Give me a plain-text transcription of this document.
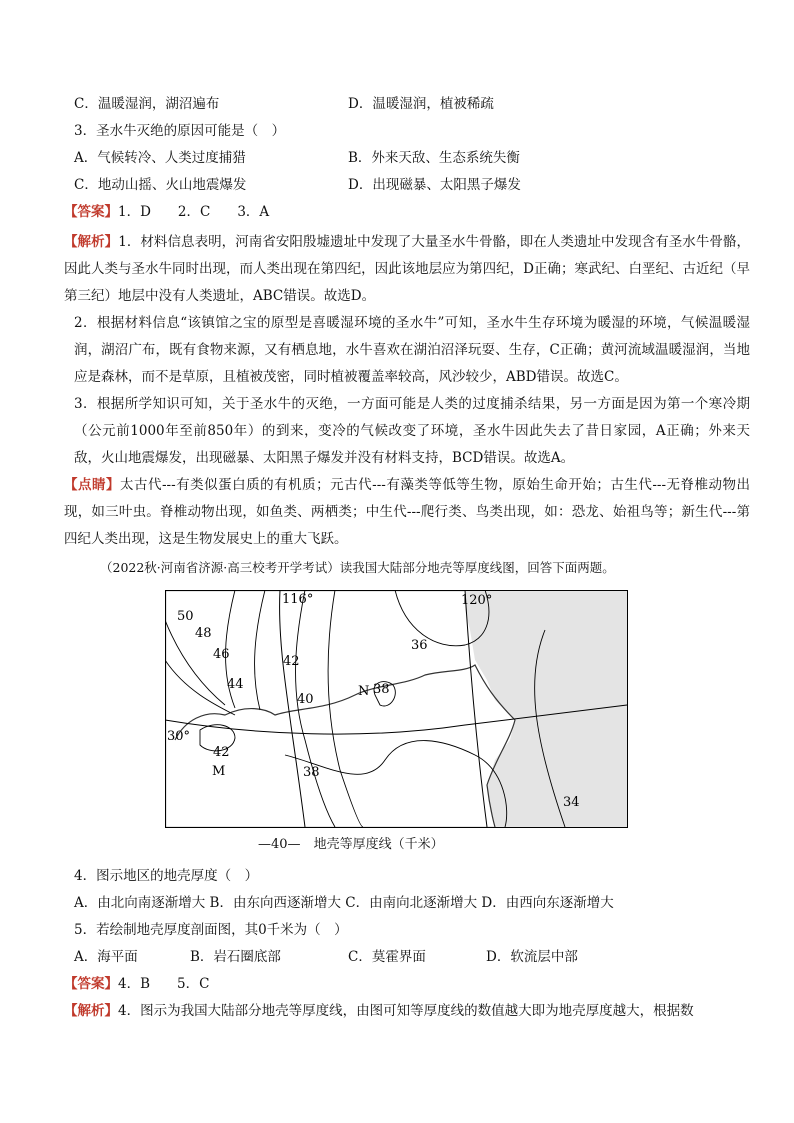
C．温暖湿润，湖沼遍布	D．温暖湿润，植被稀疏
3．圣水牛灭绝的原因可能是（　）
A．气候转冷、人类过度捕猎	B．外来天敌、生态系统失衡
C．地动山摇、火山地震爆发	D．出现磁暴、太阳黑子爆发
【答案】1．D　　2．C　　3．A
【解析】1．材料信息表明，河南省安阳殷墟遗址中发现了大量圣水牛骨骼，即在人类遗址中发现含有圣水牛骨骼，因此人类与圣水牛同时出现，而人类出现在第四纪，因此该地层应为第四纪，D正确；寒武纪、白垩纪、古近纪（早第三纪）地层中没有人类遗址，ABC错误。故选D。
2．根据材料信息“该镇馆之宝的原型是喜暖湿环境的圣水牛”可知，圣水牛生存环境为暖湿的环境，气候温暖湿润，湖沼广布，既有食物来源，又有栖息地，水牛喜欢在湖泊沼泽玩耍、生存，C正确；黄河流域温暖湿润，当地应是森林，而不是草原，且植被茂密，同时植被覆盖率较高，风沙较少，ABD错误。故选C。
3．根据所学知识可知，关于圣水牛的灭绝，一方面可能是人类的过度捕杀结果，另一方面是因为第一个寒冷期（公元前1000年至前850年）的到来，变冷的气候改变了环境，圣水牛因此失去了昔日家园，A正确；外来天敌，火山地震爆发，出现磁暴、太阳黑子爆发并没有材料支持，BCD错误。故选A。
【点睛】太古代---有类似蛋白质的有机质；元古代---有藻类等低等生物，原始生命开始；古生代---无脊椎动物出现，如三叶虫。脊椎动物出现，如鱼类、两栖类；中生代---爬行类、鸟类出现，如：恐龙、始祖鸟等；新生代---第四纪人类出现，这是生物发展史上的重大飞跃。
（2022秋·河南省济源·高三校考开学考试）读我国大陆部分地壳等厚度线图，回答下面两题。
116°	120°
30°
50
48
46
44
42
40
36
38
42
38
34
N
M
—40—　地壳等厚度线（千米）
4．图示地区的地壳厚度（　）
A．由北向南逐渐增大 B．由东向西逐渐增大 C．由南向北逐渐增大 D．由西向东逐渐增大
5．若绘制地壳厚度剖面图，其0千米为（　）
A．海平面	B．岩石圈底部	C．莫霍界面	D．软流层中部
【答案】4．B　　5．C
【解析】4．图示为我国大陆部分地壳等厚度线，由图可知等厚度线的数值越大即为地壳厚度越大，根据数
